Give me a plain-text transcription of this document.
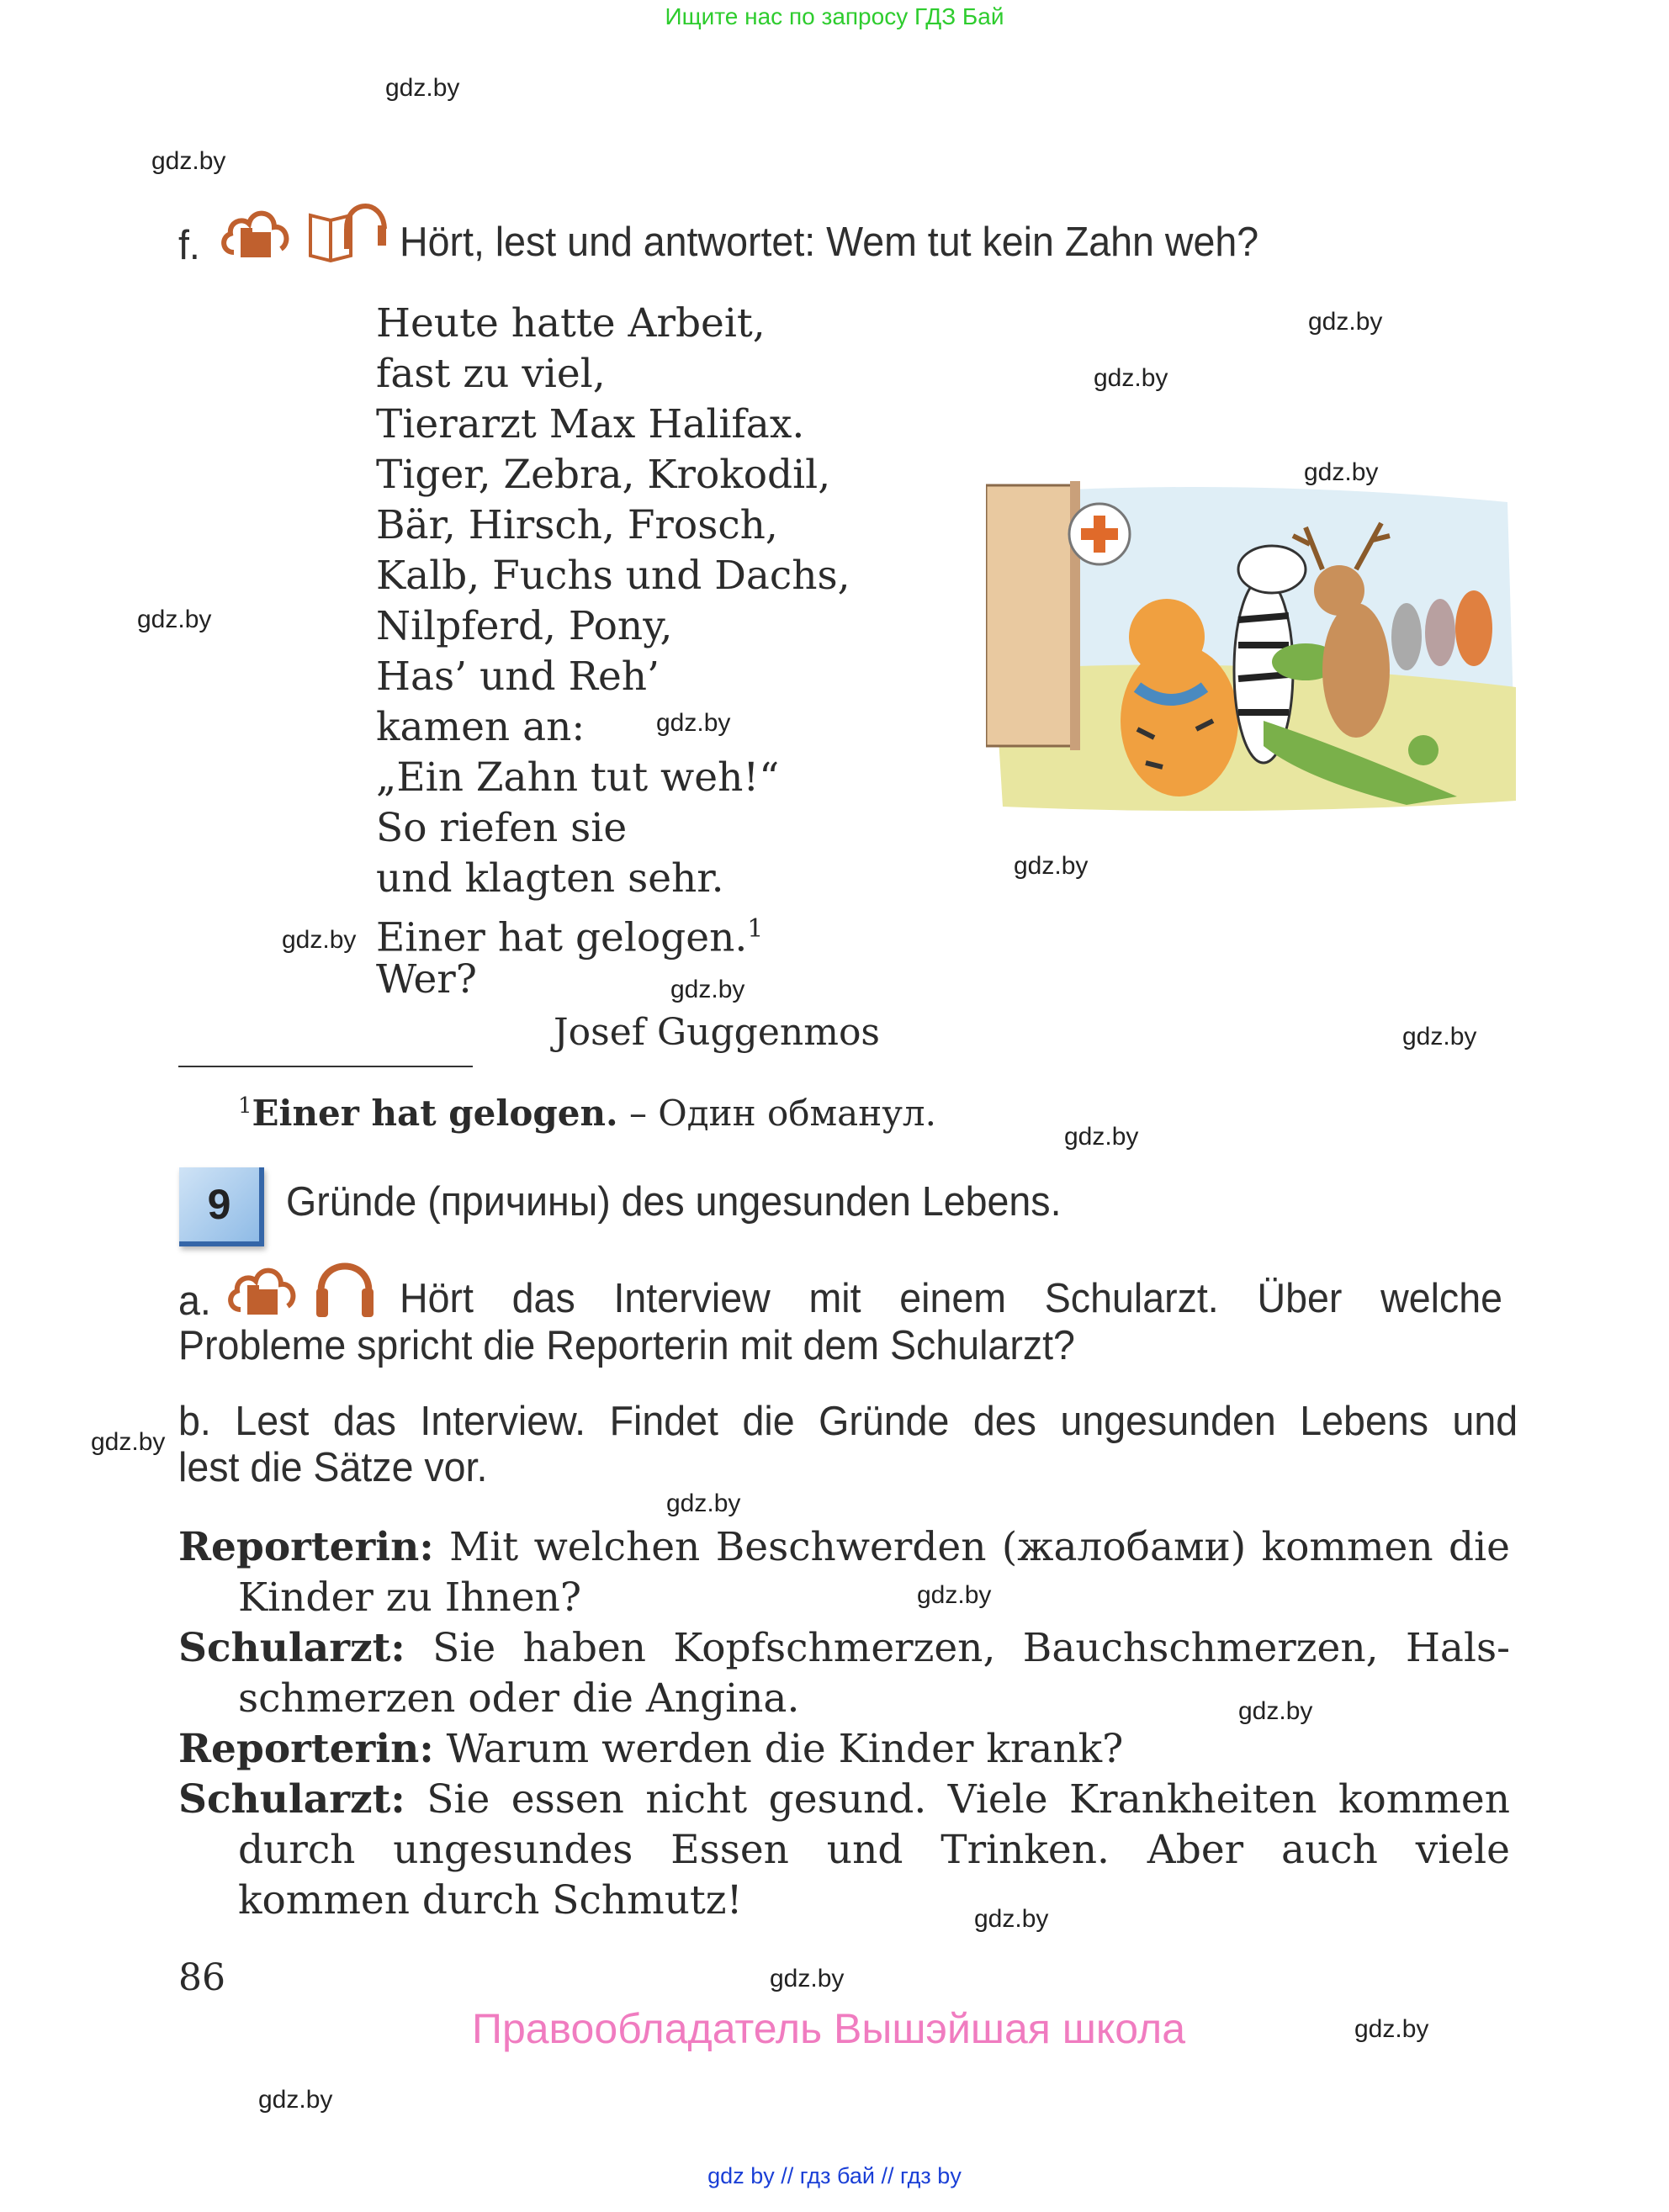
Ищите нас по запросу ГДЗ Бай
gdz.by
gdz.by
gdz.by
gdz.by
gdz.by
gdz.by
gdz.by
gdz.by
gdz.by
gdz.by
gdz.by
gdz.by
gdz.by
gdz.by
gdz.by
gdz.by
gdz.by
gdz.by
gdz.by
gdz.by
f.	Hört, lest und antwortet: Wem tut kein Zahn weh?
Heute hatte Arbeit,
fast zu viel,
Tierarzt Max Halifax.
Tiger, Zebra, Krokodil,
Bär, Hirsch, Frosch,
Kalb, Fuchs und Dachs,
Nilpferd, Pony,
Has’ und Reh’
kamen an:
„Ein Zahn tut weh!“
So riefen sie
und klagten sehr.
Einer hat gelogen.$^1$
Wer?
Josef Guggenmos
$^1$Einer hat gelogen. – Один обманул.
9	Gründe (причины) des ungesunden Lebens.
a.	Hört das Interview mit einem Schularzt. Über welche
Probleme spricht die Reporterin mit dem Schularzt?
b. Lest das Interview. Findet die Gründe des ungesunden Lebens und
lest die Sätze vor.
Reporterin: Mit welchen Beschwerden (жалобами) kommen die
Kinder zu Ihnen?
Schularzt: Sie haben Kopfschmerzen, Bauchschmerzen, Hals-
schmerzen oder die Angina.
Reporterin: Warum werden die Kinder krank?
Schularzt: Sie essen nicht gesund. Viele Krankheiten kommen
durch ungesundes Essen und Trinken. Aber auch viele
kommen durch Schmutz!
86
Правообладатель Вышэйшая школа
gdz by // гдз бай // гдз by
